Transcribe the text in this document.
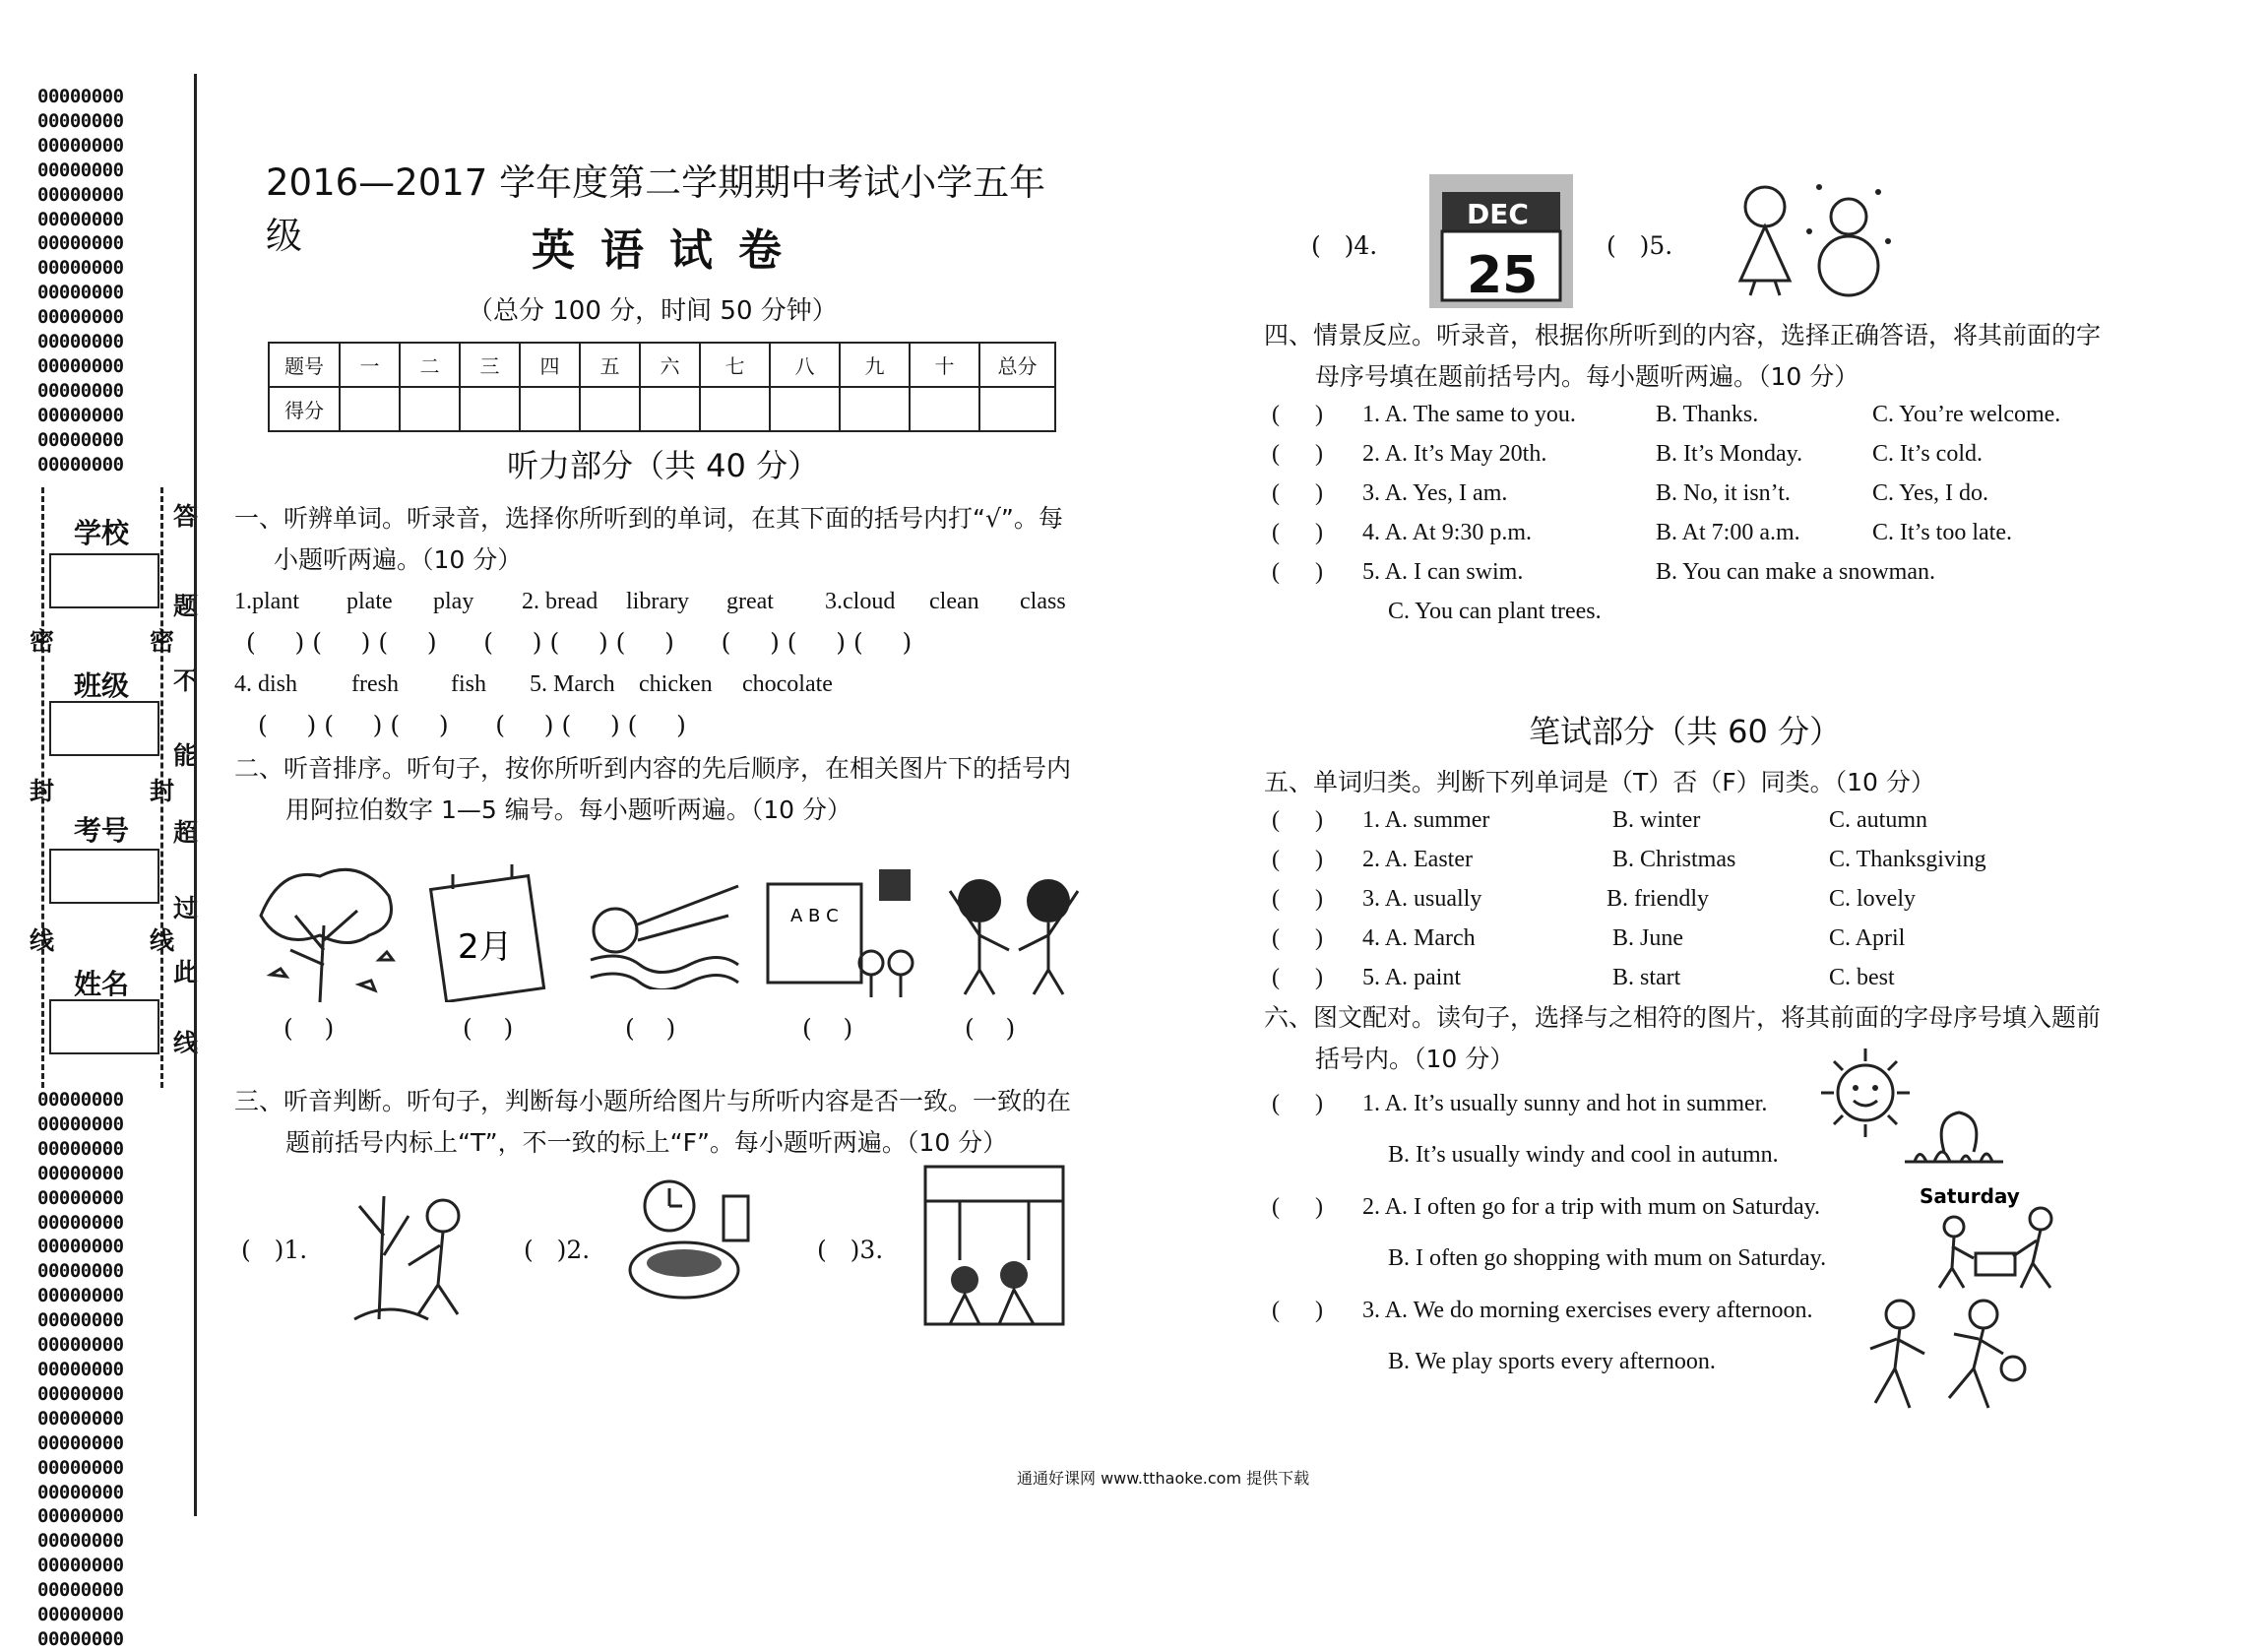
00000000
00000000
00000000
00000000
00000000
00000000
00000000
00000000
00000000
00000000
00000000
00000000
00000000
00000000
00000000
00000000
00000000
00000000
00000000
00000000
00000000
00000000
00000000
00000000
00000000
00000000
00000000
00000000
00000000
00000000
00000000
00000000
00000000
00000000
00000000
00000000
00000000
00000000
00000000
学校
班级
考号
姓名
密
封
线
密
封
线
答
题
不
能
超
过
此
线
2016—2017 学年度第二学期期中考试小学五年级	英语试卷
（总分 100 分，时间 50 分钟）
题号	一	二	三	四	五	六	七	八	九	十	总分
得分											
听力部分（共 40 分）
一、听辨单词。听录音，选择你所听到的单词，在其下面的括号内打“√”。每
小题听两遍。（10 分）
1.plant plate play 2. bread library great 3.cloud clean class
(     ) (     ) (     )      (     ) (     ) (     )      (     ) (     ) (     )
4. dish fresh fish 5. March chicken chocolate
(     ) (     ) (     )      (     ) (     ) (     )
二、听音排序。听句子，按你所听到内容的先后顺序，在相关图片下的括号内
用阿拉伯数字 1—5 编号。每小题听两遍。（10 分）
2月
A B C
(    )	(    )	(    )	(    )	(    )
三、听音判断。听句子，判断每小题所给图片与所听内容是否一致。一致的在
题前括号内标上“T”，不一致的标上“F”。每小题听两遍。（10 分）
(   )1.	(   )2.	(   )3.
(   )4.
DEC
25
(   )5.
四、情景反应。听录音，根据你所听到的内容，选择正确答语，将其前面的字
母序号填在题前括号内。每小题听两遍。（10 分）
(      ) 1. A. The same to you.	B. Thanks.	C. You’re welcome.
(      ) 2. A. It’s May 20th.	B. It’s Monday.	C. It’s cold.
(      ) 3. A. Yes, I am.	B. No, it isn’t.	C. Yes, I do.
(      ) 4. A. At 9:30 p.m.	B. At 7:00 a.m.	C. It’s too late.
(      ) 5. A. I can swim.	B. You can make a snowman.
C. You can plant trees.
笔试部分（共 60 分）
五、单词归类。判断下列单词是（T）否（F）同类。（10 分）
(      ) 1. A. summer	B. winter	C. autumn
(      ) 2. A. Easter	B. Christmas	C. Thanksgiving
(      ) 3. A. usually	B. friendly	C. lovely
(      ) 4. A. March	B. June	C. April
(      ) 5. A. paint	B. start	C. best
六、图文配对。读句子，选择与之相符的图片，将其前面的字母序号填入题前
括号内。（10 分）
(      ) 1. A. It’s usually sunny and hot in summer.
B. It’s usually windy and cool in autumn.
(      ) 2. A. I often go for a trip with mum on Saturday.
B. I often go shopping with mum on Saturday.
(      ) 3. A. We do morning exercises every afternoon.
B. We play sports every afternoon.
Saturday
通通好课网 www.tthaoke.com 提供下载
